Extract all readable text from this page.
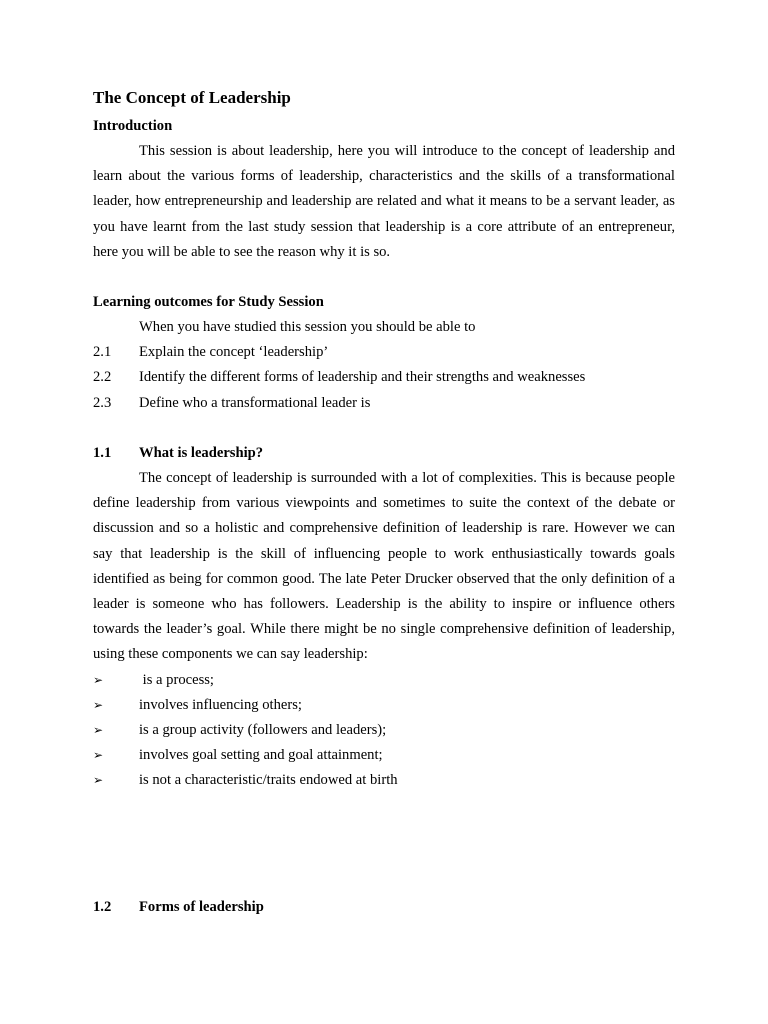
The Concept of Leadership
Introduction

This session is about leadership, here you will introduce to the concept of leadership and learn about the various forms of leadership, characteristics and the skills of a transformational leader, how entrepreneurship and leadership are related and what it means to be a servant leader, as you have learnt from the last study session that leadership is a core attribute of an entrepreneur, here you will be able to see the reason why it is so.

Learning outcomes for Study Session
When you have studied this session you should be able to
2.1	Explain the concept ‘leadership’
2.2	Identify the different forms of leadership and their strengths and weaknesses
2.3	Define who a transformational leader is
1.1	What is leadership?

The concept of leadership is surrounded with a lot of complexities. This is because people define leadership from various viewpoints and sometimes to suite the context of the debate or discussion and so a holistic and comprehensive definition of leadership is rare. However we can say that leadership is the skill of influencing people to work enthusiastically towards goals identified as being for common good. The late Peter Drucker observed that the only definition of a leader is someone who has followers. Leadership is the ability to inspire or influence others towards the leader’s goal. While there might be no single comprehensive definition of leadership, using these components we can say leadership:

➢	is a process;
➢	involves influencing others;
➢	is a group activity (followers and leaders);
➢	involves goal setting and goal attainment;
➢	is not a characteristic/traits endowed at birth
1.2	Forms of leadership
